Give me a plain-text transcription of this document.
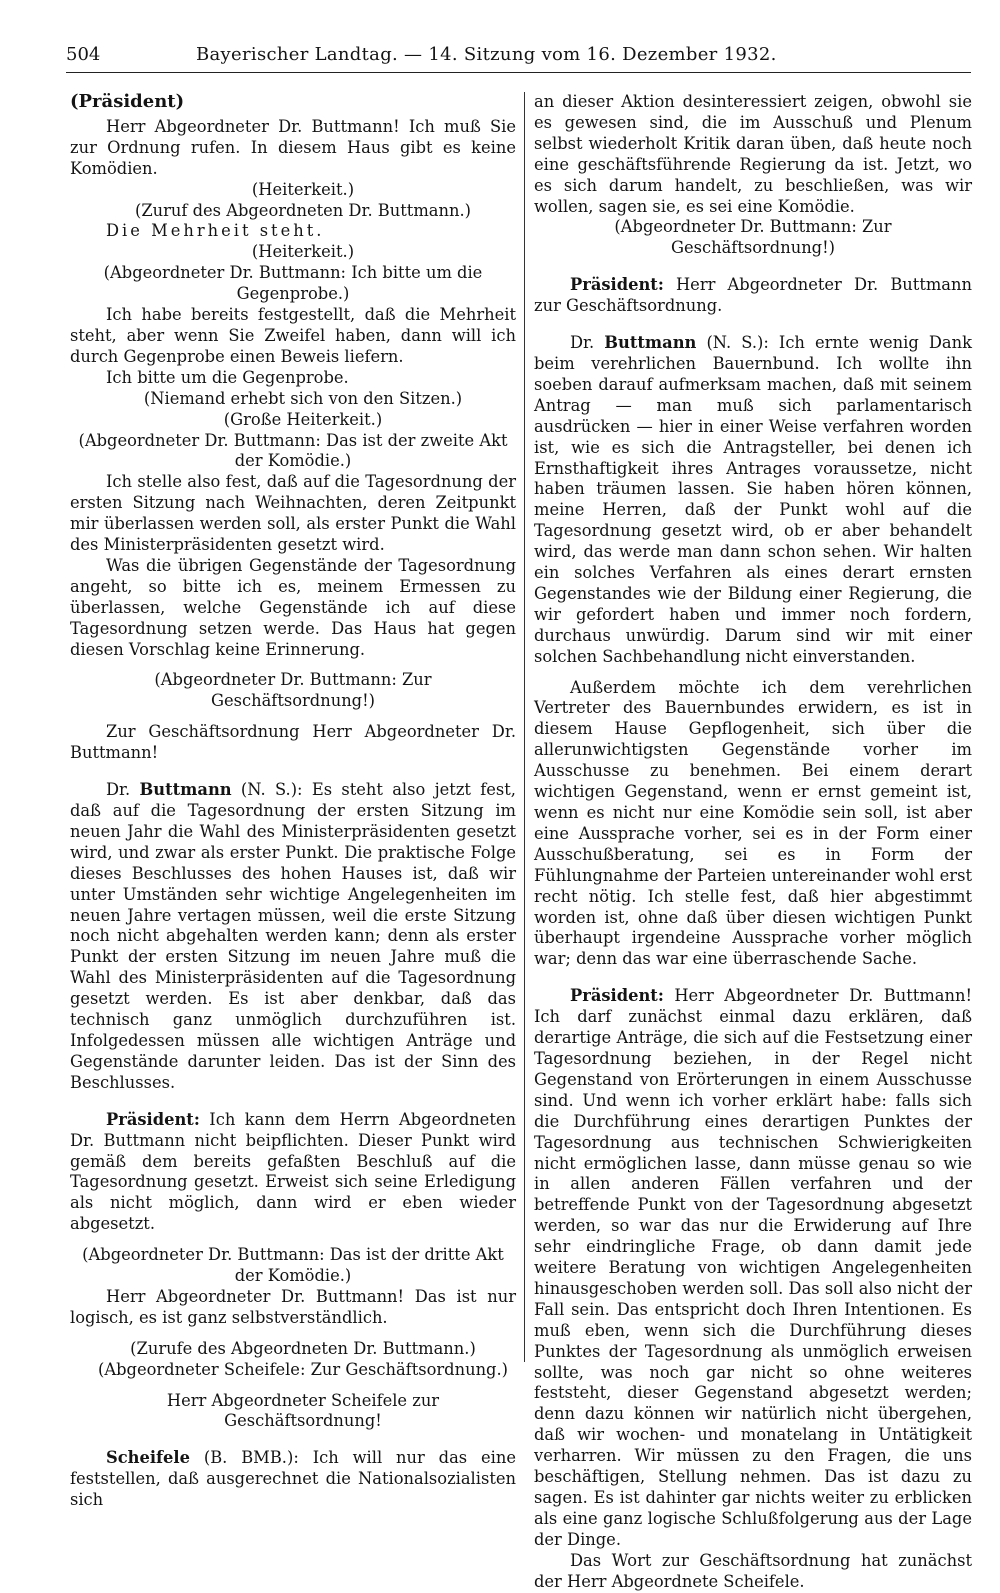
504	Bayerischer Landtag. — 14. Sitzung vom 16. Dezember 1932.

(Präsident)

Herr Abgeordneter Dr. Buttmann! Ich muß Sie zur Ordnung rufen. In diesem Haus gibt es keine Komödien.

(Heiterkeit.)

(Zuruf des Abgeordneten Dr. Buttmann.)

Die Mehrheit steht.

(Heiterkeit.)

(Abgeordneter Dr. Buttmann: Ich bitte um die Gegenprobe.)

Ich habe bereits festgestellt, daß die Mehrheit steht, aber wenn Sie Zweifel haben, dann will ich durch Gegenprobe einen Beweis liefern.

Ich bitte um die Gegenprobe.

(Niemand erhebt sich von den Sitzen.)

(Große Heiterkeit.)

(Abgeordneter Dr. Buttmann: Das ist der zweite Akt der Komödie.)

Ich stelle also fest, daß auf die Tagesordnung der ersten Sitzung nach Weihnachten, deren Zeitpunkt mir überlassen werden soll, als erster Punkt die Wahl des Ministerpräsidenten gesetzt wird.

Was die übrigen Gegenstände der Tagesordnung angeht, so bitte ich es, meinem Ermessen zu überlassen, welche Gegenstände ich auf diese Tagesordnung setzen werde. Das Haus hat gegen diesen Vorschlag keine Erinnerung.

(Abgeordneter Dr. Buttmann: Zur Geschäftsordnung!)

Zur Geschäftsordnung Herr Abgeordneter Dr. Buttmann!

Dr. Buttmann (N. S.): Es steht also jetzt fest, daß auf die Tagesordnung der ersten Sitzung im neuen Jahr die Wahl des Ministerpräsidenten gesetzt wird, und zwar als erster Punkt. Die praktische Folge dieses Beschlusses des hohen Hauses ist, daß wir unter Umständen sehr wichtige Angelegenheiten im neuen Jahre vertagen müssen, weil die erste Sitzung noch nicht abgehalten werden kann; denn als erster Punkt der ersten Sitzung im neuen Jahre muß die Wahl des Ministerpräsidenten auf die Tagesordnung gesetzt werden. Es ist aber denkbar, daß das technisch ganz unmöglich durchzuführen ist. Infolgedessen müssen alle wichtigen Anträge und Gegenstände darunter leiden. Das ist der Sinn des Beschlusses.

Präsident: Ich kann dem Herrn Abgeordneten Dr. Buttmann nicht beipflichten. Dieser Punkt wird gemäß dem bereits gefaßten Beschluß auf die Tagesordnung gesetzt. Erweist sich seine Erledigung als nicht möglich, dann wird er eben wieder abgesetzt.

(Abgeordneter Dr. Buttmann: Das ist der dritte Akt der Komödie.)

Herr Abgeordneter Dr. Buttmann! Das ist nur logisch, es ist ganz selbstverständlich.

(Zurufe des Abgeordneten Dr. Buttmann.)

(Abgeordneter Scheifele: Zur Geschäftsordnung.)

Herr Abgeordneter Scheifele zur Geschäftsordnung!

Scheifele (B. BMB.): Ich will nur das eine feststellen, daß ausgerechnet die Nationalsozialisten sich

an dieser Aktion desinteressiert zeigen, obwohl sie es gewesen sind, die im Ausschuß und Plenum selbst wiederholt Kritik daran üben, daß heute noch eine geschäftsführende Regierung da ist. Jetzt, wo es sich darum handelt, zu beschließen, was wir wollen, sagen sie, es sei eine Komödie.

(Abgeordneter Dr. Buttmann: Zur Geschäftsordnung!)

Präsident: Herr Abgeordneter Dr. Buttmann zur Geschäftsordnung.

Dr. Buttmann (N. S.): Ich ernte wenig Dank beim verehrlichen Bauernbund. Ich wollte ihn soeben darauf aufmerksam machen, daß mit seinem Antrag — man muß sich parlamentarisch ausdrücken — hier in einer Weise verfahren worden ist, wie es sich die Antragsteller, bei denen ich Ernsthaftigkeit ihres Antrages voraussetze, nicht haben träumen lassen. Sie haben hören können, meine Herren, daß der Punkt wohl auf die Tagesordnung gesetzt wird, ob er aber behandelt wird, das werde man dann schon sehen. Wir halten ein solches Verfahren als eines derart ernsten Gegenstandes wie der Bildung einer Regierung, die wir gefordert haben und immer noch fordern, durchaus unwürdig. Darum sind wir mit einer solchen Sachbehandlung nicht einverstanden.

Außerdem möchte ich dem verehrlichen Vertreter des Bauernbundes erwidern, es ist in diesem Hause Gepflogenheit, sich über die allerunwichtigsten Gegenstände vorher im Ausschusse zu benehmen. Bei einem derart wichtigen Gegenstand, wenn er ernst gemeint ist, wenn es nicht nur eine Komödie sein soll, ist aber eine Aussprache vorher, sei es in der Form einer Ausschußberatung, sei es in Form der Fühlungnahme der Parteien untereinander wohl erst recht nötig. Ich stelle fest, daß hier abgestimmt worden ist, ohne daß über diesen wichtigen Punkt überhaupt irgendeine Aussprache vorher möglich war; denn das war eine überraschende Sache.

Präsident: Herr Abgeordneter Dr. Buttmann! Ich darf zunächst einmal dazu erklären, daß derartige Anträge, die sich auf die Festsetzung einer Tagesordnung beziehen, in der Regel nicht Gegenstand von Erörterungen in einem Ausschusse sind. Und wenn ich vorher erklärt habe: falls sich die Durchführung eines derartigen Punktes der Tagesordnung aus technischen Schwierigkeiten nicht ermöglichen lasse, dann müsse genau so wie in allen anderen Fällen verfahren und der betreffende Punkt von der Tagesordnung abgesetzt werden, so war das nur die Erwiderung auf Ihre sehr eindringliche Frage, ob dann damit jede weitere Beratung von wichtigen Angelegenheiten hinausgeschoben werden soll. Das soll also nicht der Fall sein. Das entspricht doch Ihren Intentionen. Es muß eben, wenn sich die Durchführung dieses Punktes der Tagesordnung als unmöglich erweisen sollte, was noch gar nicht so ohne weiteres feststeht, dieser Gegenstand abgesetzt werden; denn dazu können wir natürlich nicht übergehen, daß wir wochen- und monatelang in Untätigkeit verharren. Wir müssen zu den Fragen, die uns beschäftigen, Stellung nehmen. Das ist dazu zu sagen. Es ist dahinter gar nichts weiter zu erblicken als eine ganz logische Schlußfolgerung aus der Lage der Dinge.

Das Wort zur Geschäftsordnung hat zunächst der Herr Abgeordnete Scheifele.
